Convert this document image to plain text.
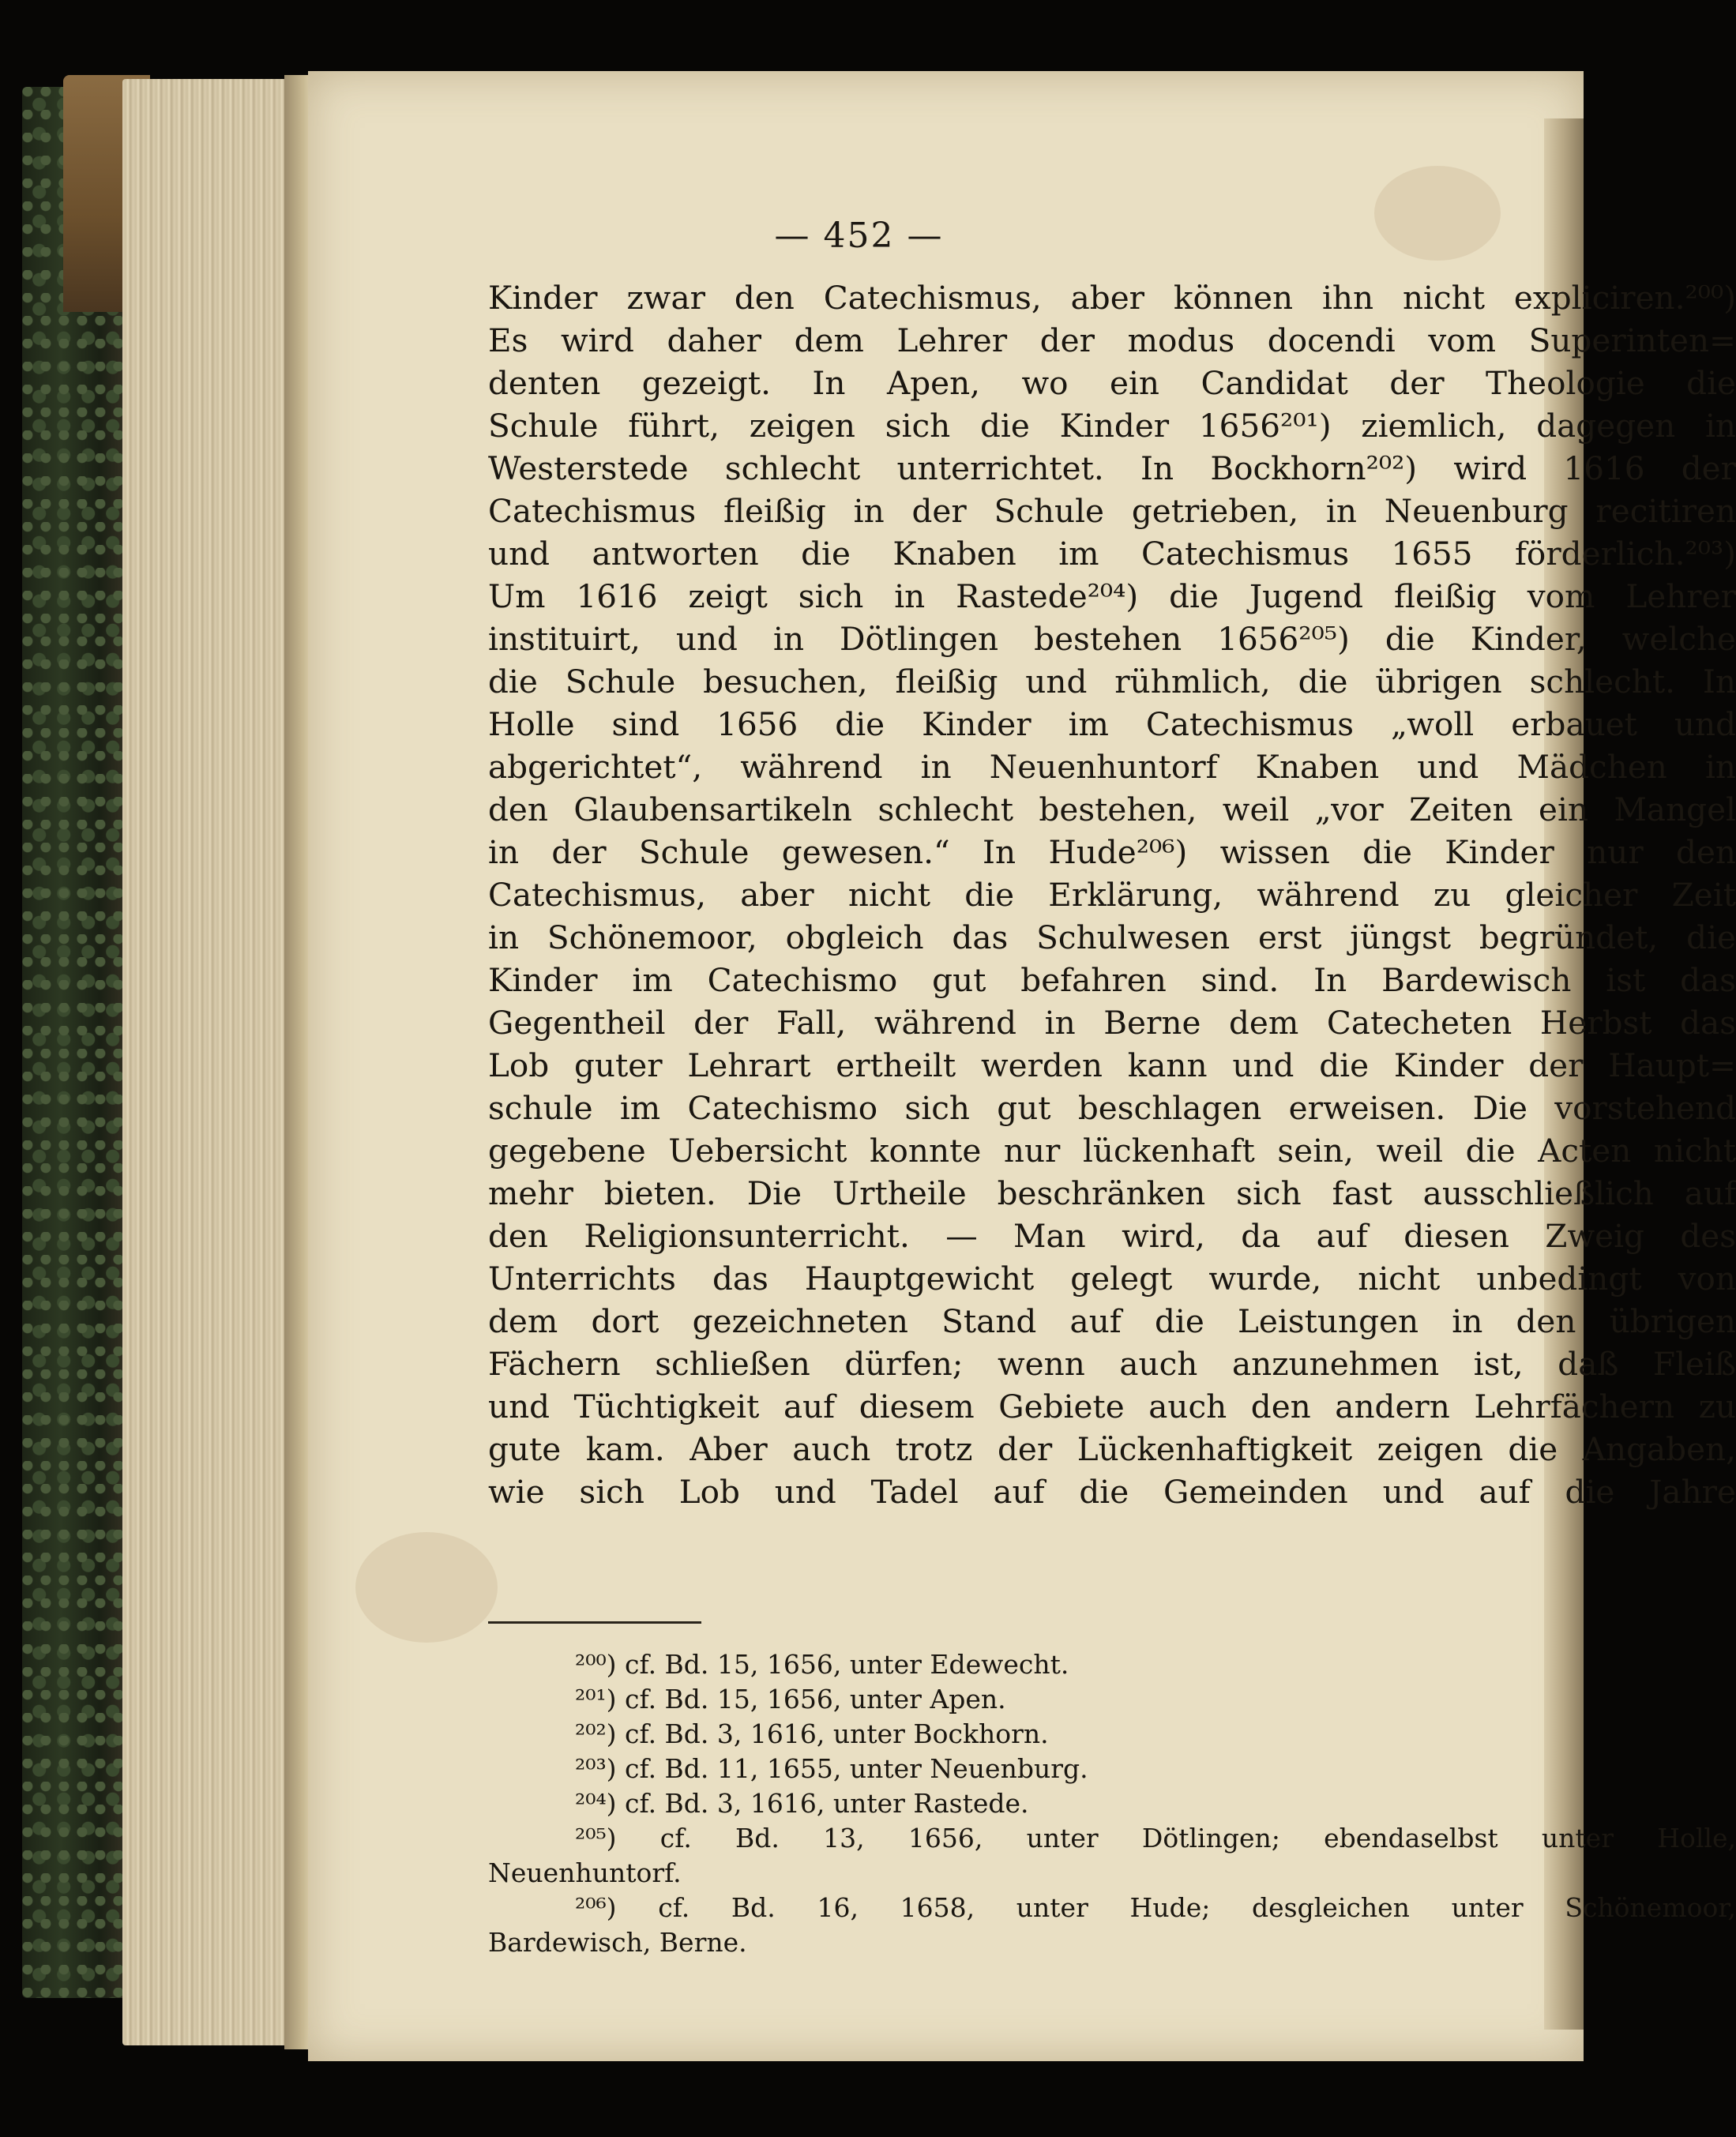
— 452 —
Kinder zwar den Catechismus, aber können ihn nicht expliciren.²⁰⁰)
Es wird daher dem Lehrer der modus docendi vom Superinten=
denten gezeigt. In Apen, wo ein Candidat der Theologie die
Schule führt, zeigen sich die Kinder 1656²⁰¹) ziemlich, dagegen in
Westerstede schlecht unterrichtet. In Bockhorn²⁰²) wird 1616 der
Catechismus fleißig in der Schule getrieben, in Neuenburg recitiren
und antworten die Knaben im Catechismus 1655 förderlich.²⁰³)
Um 1616 zeigt sich in Rastede²⁰⁴) die Jugend fleißig vom Lehrer
instituirt, und in Dötlingen bestehen 1656²⁰⁵) die Kinder, welche
die Schule besuchen, fleißig und rühmlich, die übrigen schlecht. In
Holle sind 1656 die Kinder im Catechismus „woll erbauet und
abgerichtet“, während in Neuenhuntorf Knaben und Mädchen in
den Glaubensartikeln schlecht bestehen, weil „vor Zeiten ein Mangel
in der Schule gewesen.“ In Hude²⁰⁶) wissen die Kinder nur den
Catechismus, aber nicht die Erklärung, während zu gleicher Zeit
in Schönemoor, obgleich das Schulwesen erst jüngst begründet, die
Kinder im Catechismo gut befahren sind. In Bardewisch ist das
Gegentheil der Fall, während in Berne dem Catecheten Herbst das
Lob guter Lehrart ertheilt werden kann und die Kinder der Haupt=
schule im Catechismo sich gut beschlagen erweisen. Die vorstehend
gegebene Uebersicht konnte nur lückenhaft sein, weil die Acten nicht
mehr bieten. Die Urtheile beschränken sich fast ausschließlich auf
den Religionsunterricht. — Man wird, da auf diesen Zweig des
Unterrichts das Hauptgewicht gelegt wurde, nicht unbedingt von
dem dort gezeichneten Stand auf die Leistungen in den übrigen
Fächern schließen dürfen; wenn auch anzunehmen ist, daß Fleiß
und Tüchtigkeit auf diesem Gebiete auch den andern Lehrfächern zu
gute kam. Aber auch trotz der Lückenhaftigkeit zeigen die Angaben,
wie sich Lob und Tadel auf die Gemeinden und auf die Jahre
²⁰⁰) cf. Bd. 15, 1656, unter Edewecht.
²⁰¹) cf. Bd. 15, 1656, unter Apen.
²⁰²) cf. Bd. 3, 1616, unter Bockhorn.
²⁰³) cf. Bd. 11, 1655, unter Neuenburg.
²⁰⁴) cf. Bd. 3, 1616, unter Rastede.
²⁰⁵) cf. Bd. 13, 1656, unter Dötlingen; ebendaselbst unter Holle,
Neuenhuntorf.
²⁰⁶) cf. Bd. 16, 1658, unter Hude; desgleichen unter Schönemoor,
Bardewisch, Berne.
